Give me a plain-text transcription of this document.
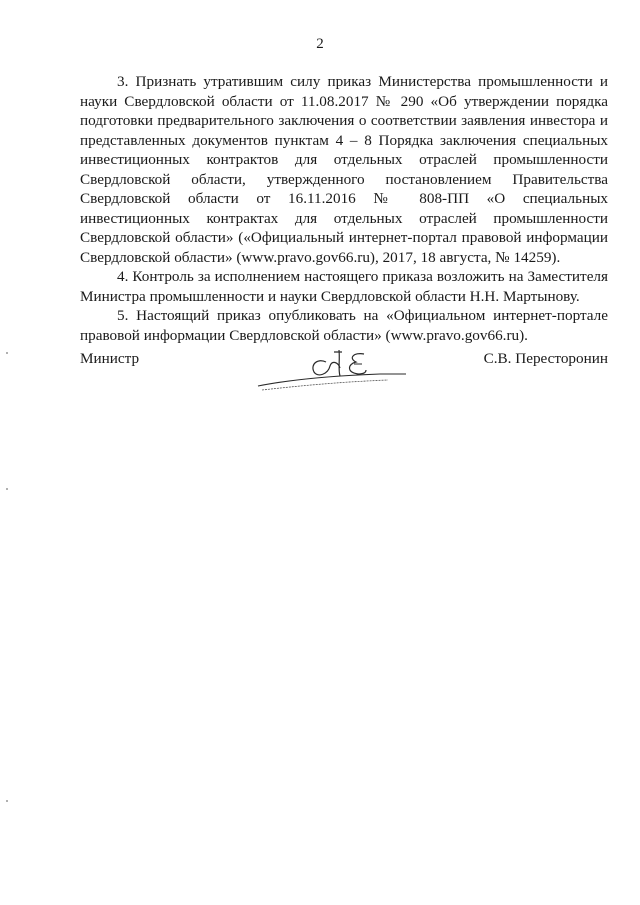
2

3. Признать утратившим силу приказ Министерства промышленности и науки Свердловской области от 11.08.2017 № 290 «Об утверждении порядка подготовки предварительного заключения о соответствии заявления инвестора и представленных документов пунктам 4 – 8 Порядка заключения специальных инвестиционных контрактов для отдельных отраслей промышленности Свердловской области, утвержденного постановлением Правительства Свердловской области от 16.11.2016 № 808-ПП «О специальных инвестиционных контрактах для отдельных отраслей промышленности Свердловской области» («Официальный интернет-портал правовой информации Свердловской области» (www.pravo.gov66.ru), 2017, 18 августа, № 14259).

4. Контроль за исполнением настоящего приказа возложить на Заместителя Министра промышленности и науки Свердловской области Н.Н. Мартынову.

5. Настоящий приказ опубликовать на «Официальном интернет-портале правовой информации Свердловской области» (www.pravo.gov66.ru).

Министр	С.В. Пересторонин
